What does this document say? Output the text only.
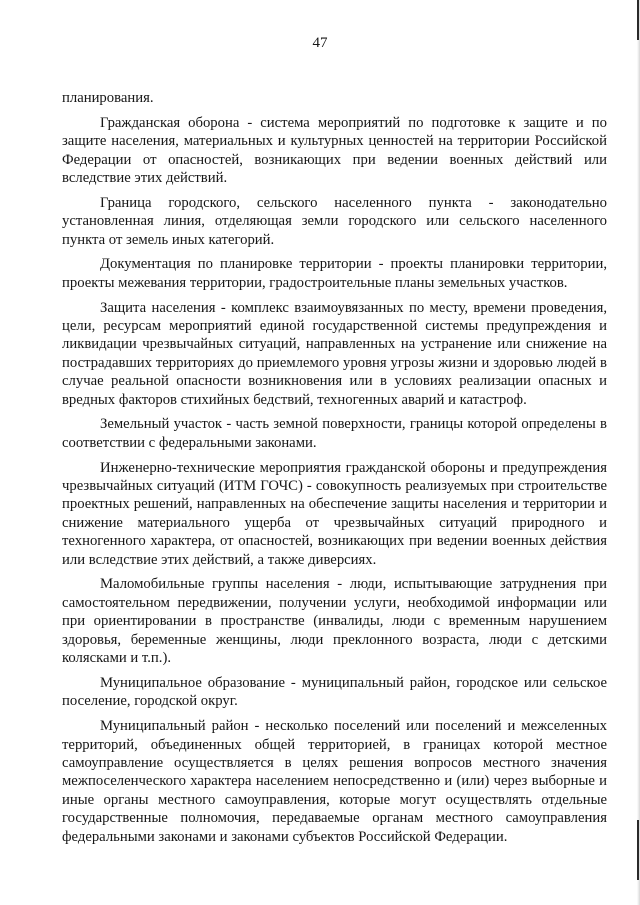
47

планирования.

Гражданская оборона - система мероприятий по подготовке к защите и по защите населения, материальных и культурных ценностей на территории Российской Федерации от опасностей, возникающих при ведении военных действий или вследствие этих действий.

Граница городского, сельского населенного пункта - законодательно установленная линия, отделяющая земли городского или сельского населенного пункта от земель иных категорий.

Документация по планировке территории - проекты планировки территории, проекты межевания территории, градостроительные планы земельных участков.

Защита населения - комплекс взаимоувязанных по месту, времени проведения, цели, ресурсам мероприятий единой государственной системы предупреждения и ликвидации чрезвычайных ситуаций, направленных на устранение или снижение на пострадавших территориях до приемлемого уровня угрозы жизни и здоровью людей в случае реальной опасности возникновения или в условиях реализации опасных и вредных факторов стихийных бедствий, техногенных аварий и катастроф.

Земельный участок - часть земной поверхности, границы которой определены в соответствии с федеральными законами.

Инженерно-технические мероприятия гражданской обороны и предупреждения чрезвычайных ситуаций (ИТМ ГОЧС) - совокупность реализуемых при строительстве проектных решений, направленных на обеспечение защиты населения и территории и снижение материального ущерба от чрезвычайных ситуаций природного и техногенного характера, от опасностей, возникающих при ведении военных действия или вследствие этих действий, а также диверсиях.

Маломобильные группы населения - люди, испытывающие затруднения при самостоятельном передвижении, получении услуги, необходимой информации или при ориентировании в пространстве (инвалиды, люди с временным нарушением здоровья, беременные женщины, люди преклонного возраста, люди с детскими колясками и т.п.).

Муниципальное образование - муниципальный район, городское или сельское поселение, городской округ.

Муниципальный район - несколько поселений или поселений и межселенных территорий, объединенных общей территорией, в границах которой местное самоуправление осуществляется в целях решения вопросов местного значения межпоселенческого характера населением непосредственно и (или) через выборные и иные органы местного самоуправления, которые могут осуществлять отдельные государственные полномочия, передаваемые органам местного самоуправления федеральными законами и законами субъектов Российской Федерации.
